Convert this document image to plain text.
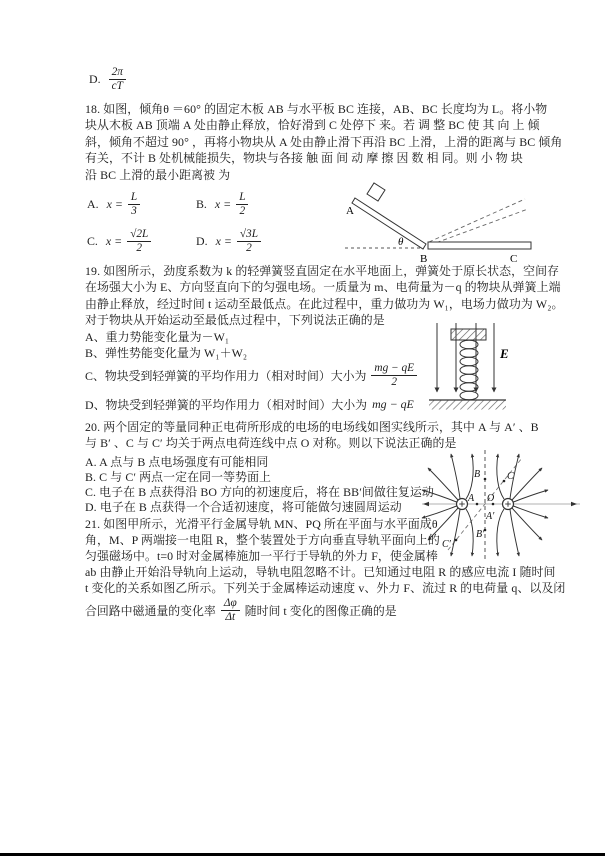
D. $\frac{2\pi}{cT}$
18. 如图，倾角θ ＝60° 的固定木板 AB 与水平板 BC 连接，AB、BC 长度均为 L。将小物
块从木板 AB 顶端 A 处由静止释放，恰好滑到 C 处停下 来。若 调 整 BC 使 其 向 上 倾
斜，倾角不超过 90° ，再将小物块从 A 处由静止滑下再沿 BC 上滑，上滑的距离与 BC 倾角
有关，不计 B 处机械能损失，物块与各接 触 面 间 动 摩 擦 因 数 相 同。则 小 物 块
沿 BC 上滑的最小距离被 为
A. $x = \frac{L}{3}$	B. $x = \frac{L}{2}$
C. $x = \frac{√2L}{2}$	D. $x = \frac{√3L}{2}$
A
θ
B	C
19. 如图所示，劲度系数为 k 的轻弹簧竖直固定在水平地面上，弹簧处于原长状态，空间存
在场强大小为 E、方向竖直向下的匀强电场。一质量为 m、电荷量为－q 的物块从弹簧上端
由静止释放，经过时间 t 运动至最低点。在此过程中，重力做功为 W₁，电场力做功为 W₂。
对于物块从开始运动至最低点过程中，下列说法正确的是
A、重力势能变化量为－W₁
B、弹性势能变化量为 W₁＋W₂
C、物块受到轻弹簧的平均作用力（相对时间）大小为 $\frac{mg - qE}{2}$
D、物块受到轻弹簧的平均作用力（相对时间）大小为 mg − qE
E
20. 两个固定的等量同种正电荷所形成的电场的电场线如图实线所示，其中 A 与 A′ 、B
与 B′ 、C 与 C′ 均关于两点电荷连线中点 O 对称。则以下说法正确的是
A. A 点与 B 点电场强度有可能相同
B. C 与 C′ 两点一定在同一等势面上
C. 电子在 B 点获得沿 BO 方向的初速度后，将在 BB′间做往复运动
D. 电子在 B 点获得一个合适初速度，将可能做匀速圆周运动
B	C
A O
A′
B′
C′
21. 如图甲所示，光滑平行金属导轨 MN、PQ 所在平面与水平面成θ
角，M、P 两端接一电阻 R，整个装置处于方向垂直导轨平面向上的
匀强磁场中。t=0 时对金属棒施加一平行于导轨的外力 F，使金属棒
ab 由静止开始沿导轨向上运动，导轨电阻忽略不计。已知通过电阻 R 的感应电流 I 随时间
t 变化的关系如图乙所示。下列关于金属棒运动速度 v、外力 F、流过 R 的电荷量 q、以及闭
合回路中磁通量的变化率 $\frac{\Delta\varphi}{\Delta t}$ 随时间 t 变化的图像正确的是
